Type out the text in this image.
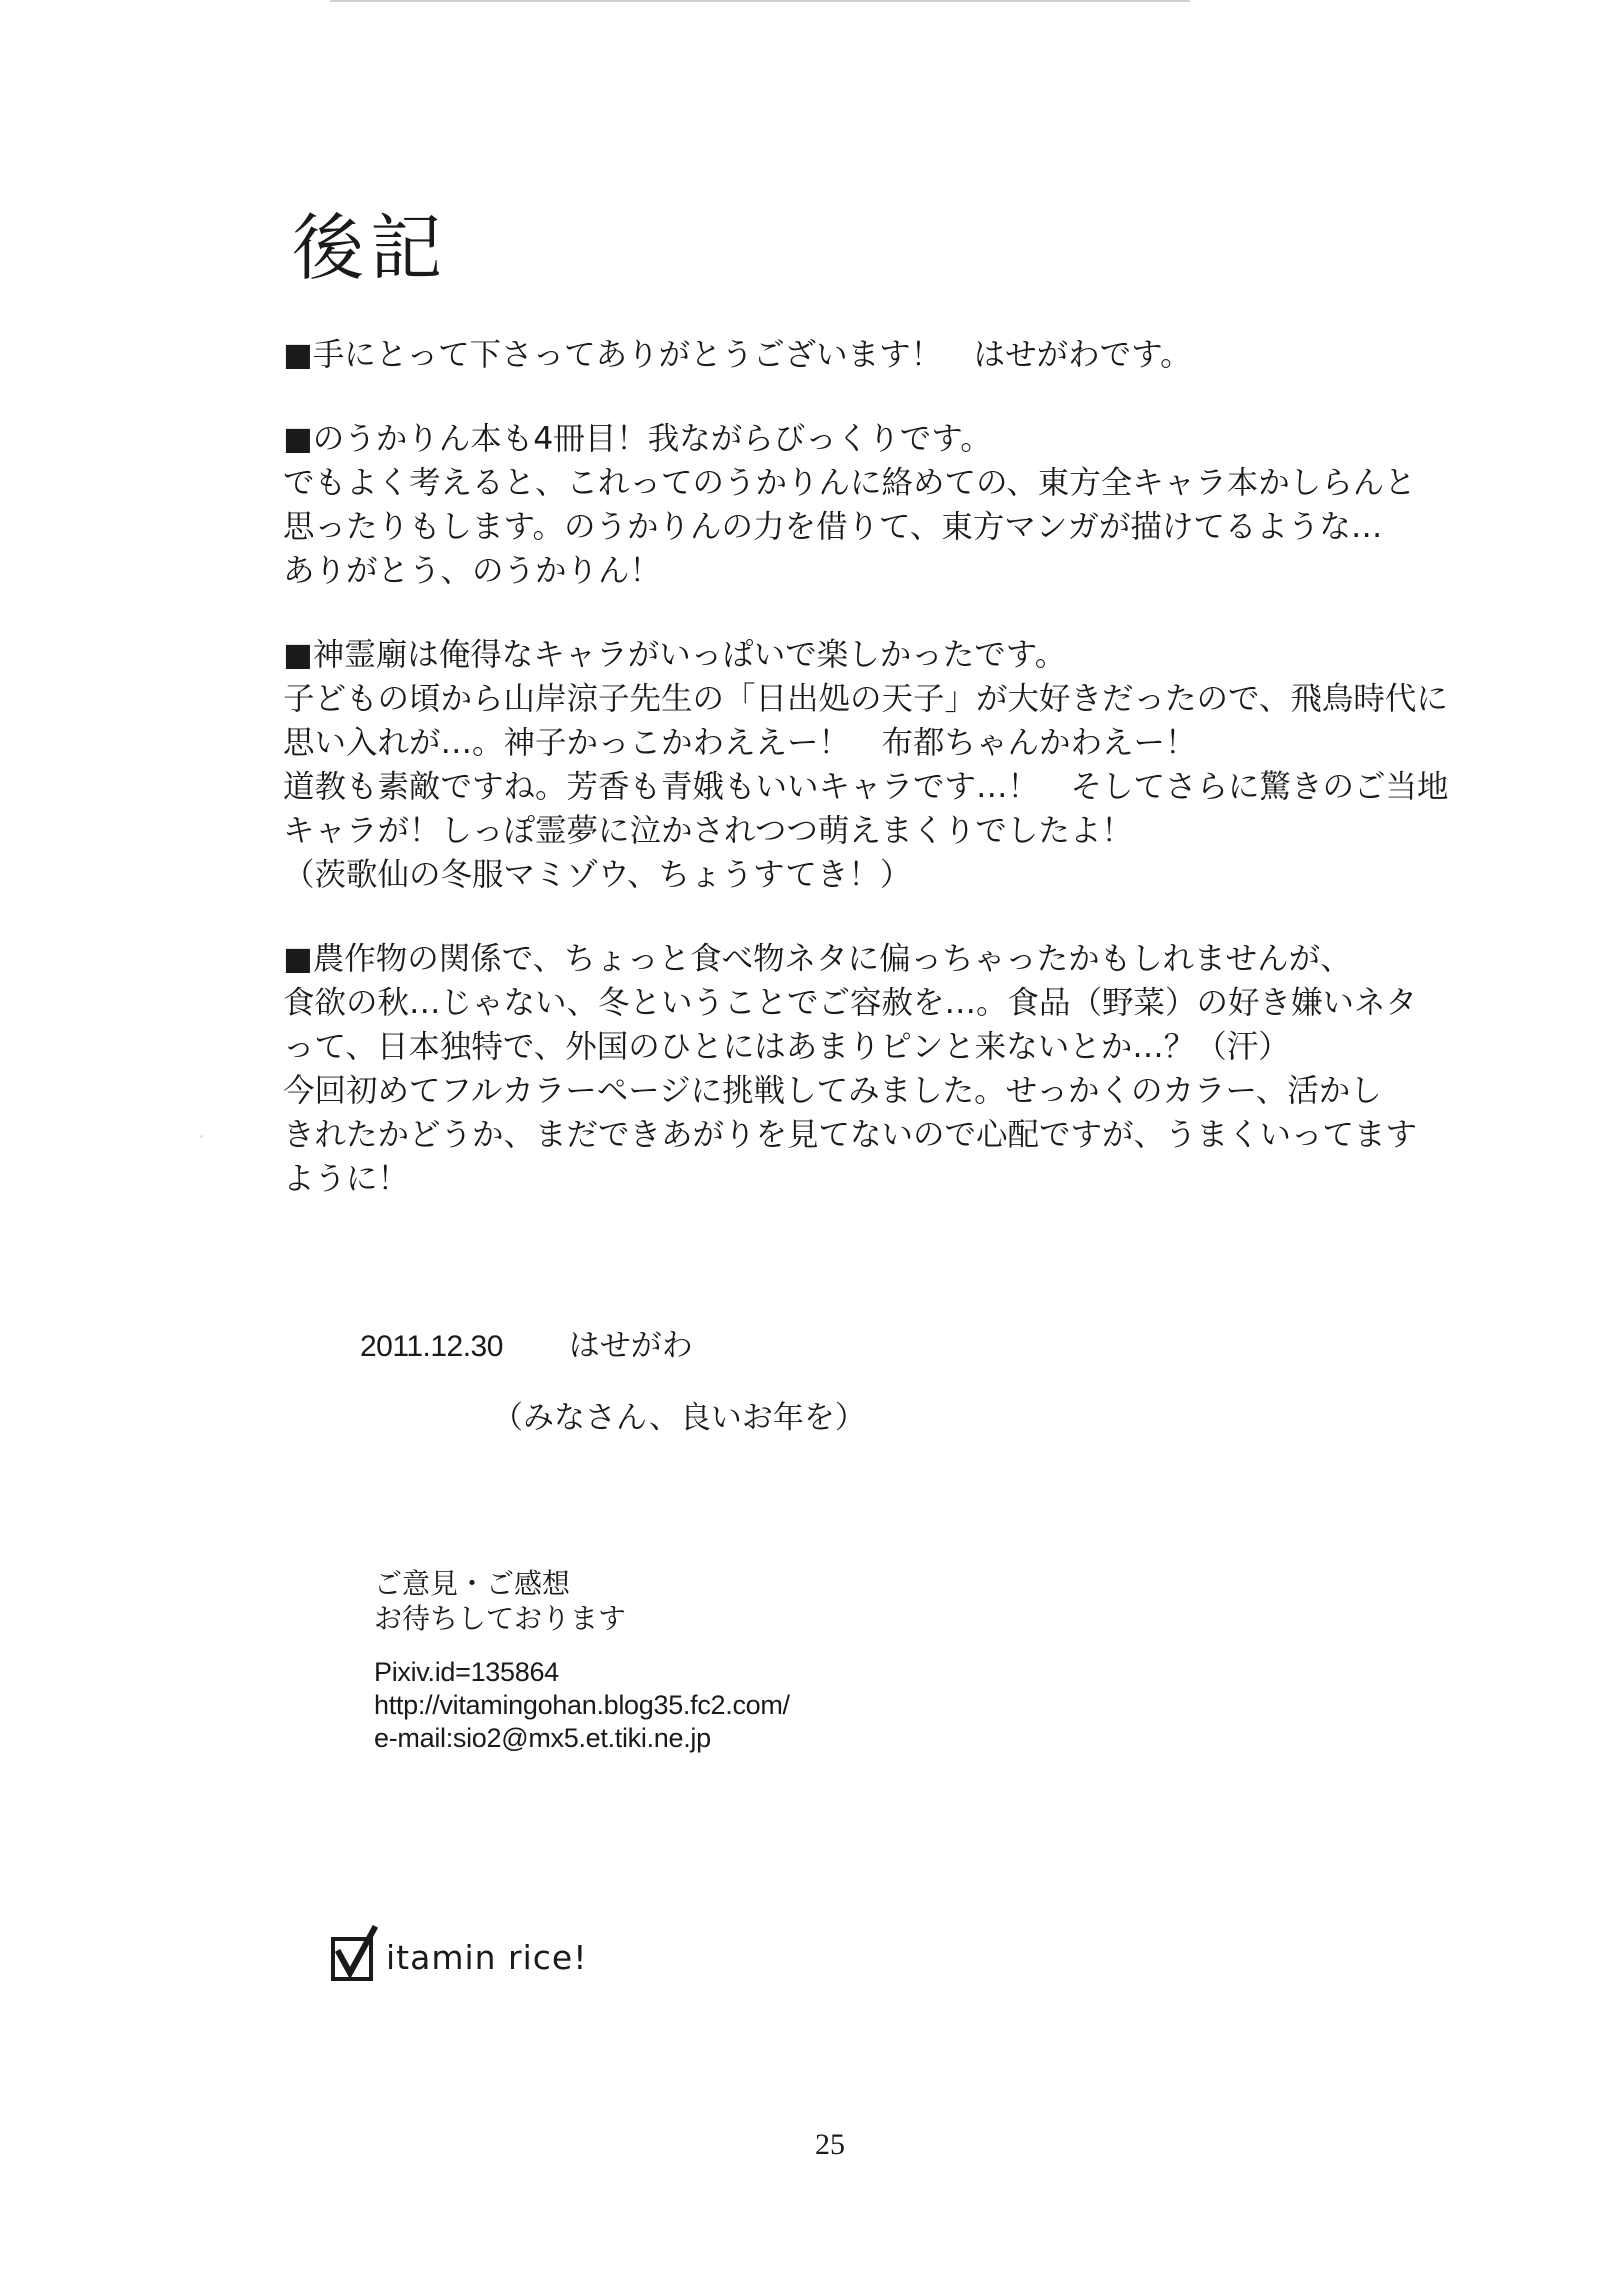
後記

■手にとって下さってありがとうございます！　はせがわです。

■のうかりん本も4冊目！我ながらびっくりです。
でもよく考えると、これってのうかりんに絡めての、東方全キャラ本かしらんと
思ったりもします。のうかりんの力を借りて、東方マンガが描けてるような…
ありがとう、のうかりん！

■神霊廟は俺得なキャラがいっぱいで楽しかったです。
子どもの頃から山岸涼子先生の「日出処の天子」が大好きだったので、飛鳥時代に
思い入れが…。神子かっこかわええー！　布都ちゃんかわえー！
道教も素敵ですね。芳香も青娥もいいキャラです…！　そしてさらに驚きのご当地
キャラが！しっぽ霊夢に泣かされつつ萌えまくりでしたよ！
（茨歌仙の冬服マミゾウ、ちょうすてき！）

■農作物の関係で、ちょっと食べ物ネタに偏っちゃったかもしれませんが、
食欲の秋…じゃない、冬ということでご容赦を…。食品（野菜）の好き嫌いネタ
って、日本独特で、外国のひとにはあまりピンと来ないとか…？（汗）
今回初めてフルカラーページに挑戦してみました。せっかくのカラー、活かし
きれたかどうか、まだできあがりを見てないので心配ですが、うまくいってます
ように！

2011.12.30 はせがわ
（みなさん、良いお年を）
ご意見・ご感想
お待ちしております
Pixiv.id=135864
http://vitamingohan.blog35.fc2.com/
e-mail:sio2@mx5.et.tiki.ne.jp
itamin rice!
25
